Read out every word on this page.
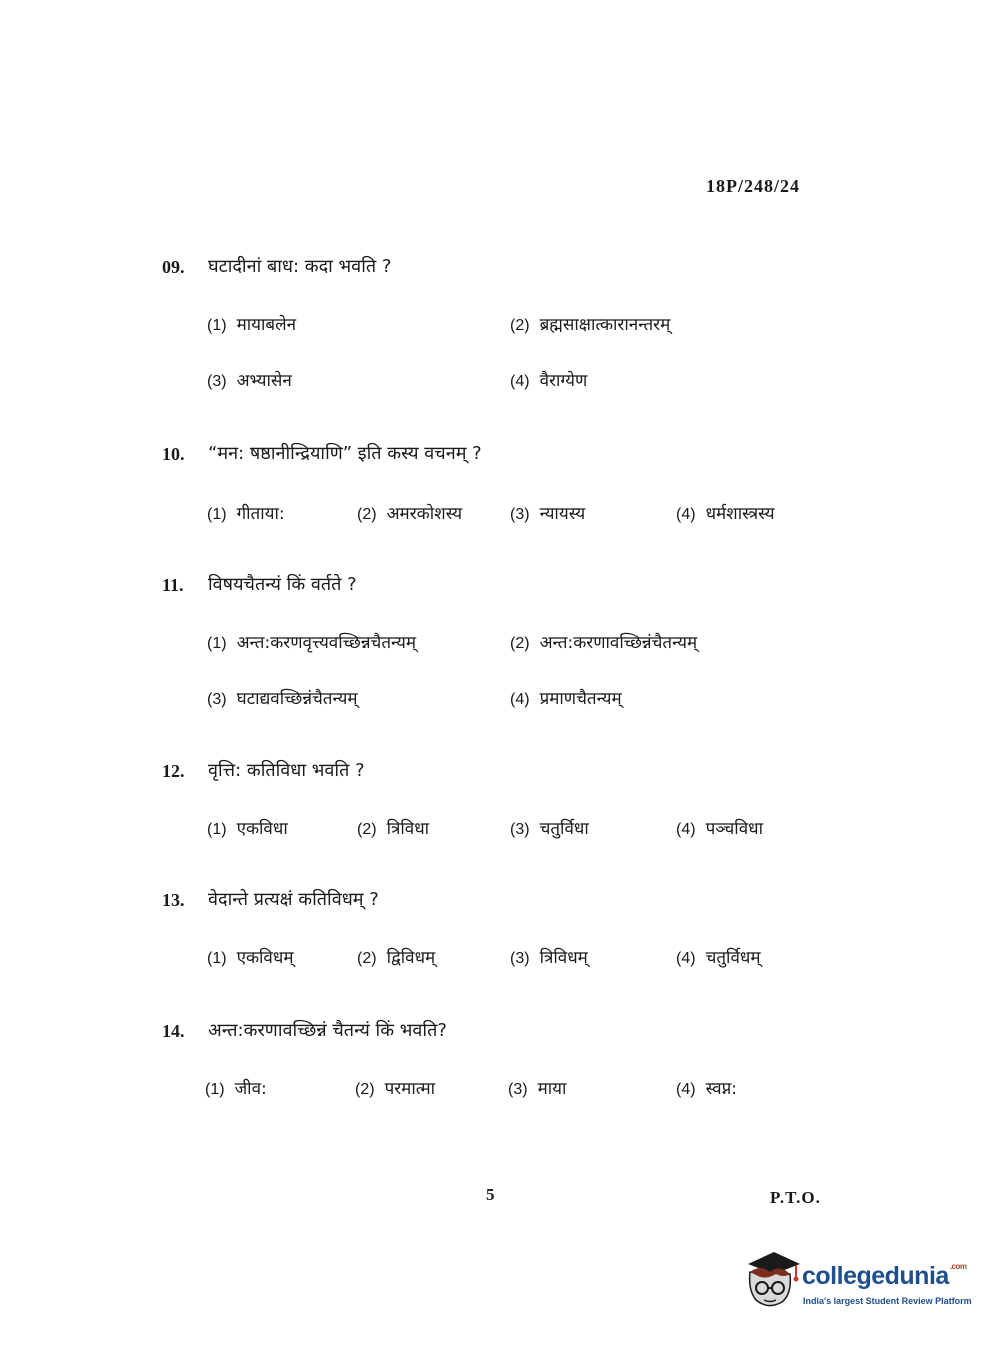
18P/248/24
09. घटादीनां बाध: कदा भवति ?
(1) मायाबलेन	(2) ब्रह्मसाक्षात्कारानन्तरम्
(3) अभ्यासेन	(4) वैराग्येण
10. “मन: षष्ठानीन्द्रियाणि” इति कस्य वचनम् ?
(1) गीताया:	(2) अमरकोशस्य	(3) न्यायस्य	(4) धर्मशास्त्रस्य
11. विषयचैतन्यं किं वर्तते ?
(1) अन्त:करणवृत्त्यवच्छिन्नचैतन्यम्	(2) अन्त:करणावच्छिन्नंचैतन्यम्
(3) घटाद्यवच्छिन्नंचैतन्यम्	(4) प्रमाणचैतन्यम्
12. वृत्ति: कतिविधा भवति ?
(1) एकविधा	(2) त्रिविधा	(3) चतुर्विधा	(4) पञ्चविधा
13. वेदान्ते प्रत्यक्षं कतिविधम् ?
(1) एकविधम्	(2) द्विविधम्	(3) त्रिविधम्	(4) चतुर्विधम्
14. अन्त:करणावच्छिन्नं चैतन्यं किं भवति?
(1) जीव:	(2) परमात्मा	(3) माया	(4) स्वप्न:
5	P.T.O.
collegedunia$^{.com}$
India's largest Student Review Platform
